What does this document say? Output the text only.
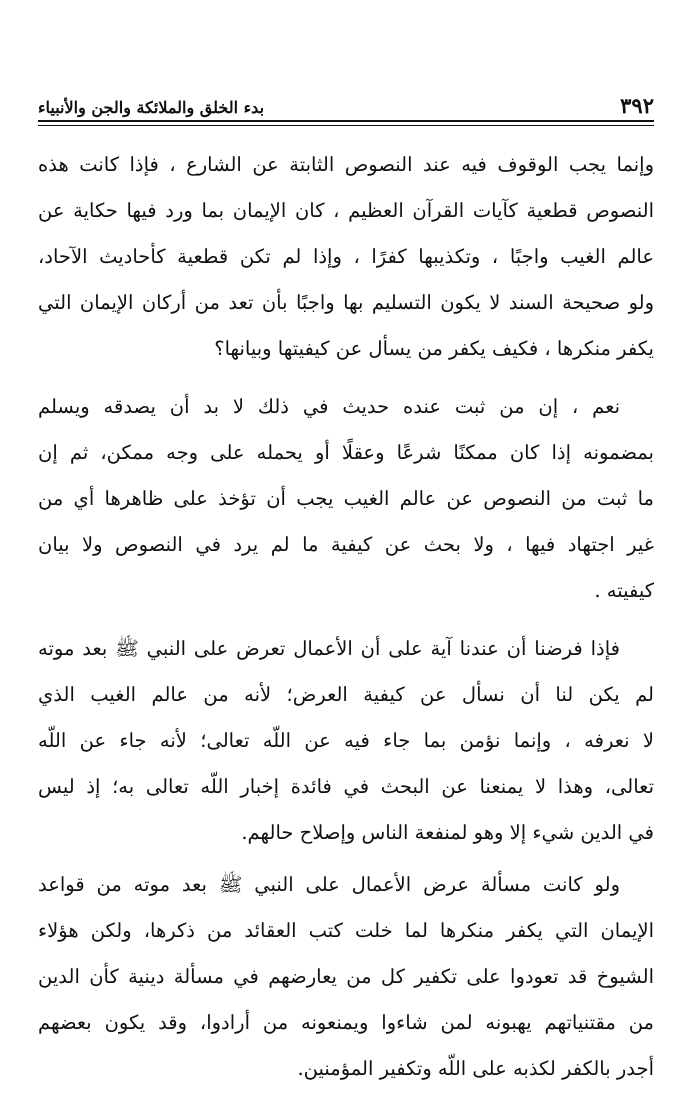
٣٩٢
بدء الخلق والملائكة والجن والأنبياء
وإنما يجب الوقوف فيه عند النصوص الثابتة عن الشارع ، فإذا كانت هذه
النصوص قطعية كآيات القرآن العظيم ، كان الإيمان بما ورد فيها حكاية عن
عالم الغيب واجبًا ، وتكذيبها كفرًا ، وإذا لم تكن قطعية كأحاديث الآحاد،
ولو صحيحة السند لا يكون التسليم بها واجبًا بأن تعد من أركان الإيمان التي
يكفر منكرها ، فكيف يكفر من يسأل عن كيفيتها وبيانها؟
نعم ، إن من ثبت عنده حديث في ذلك لا بد أن يصدقه ويسلم
بمضمونه إذا كان ممكنًا شرعًا وعقلًا أو يحمله على وجه ممكن، ثم إن
ما ثبت من النصوص عن عالم الغيب يجب أن تؤخذ على ظاهرها أي من
غير اجتهاد فيها ، ولا بحث عن كيفية ما لم يرد في النصوص ولا بيان
كيفيته .
فإذا فرضنا أن عندنا آية على أن الأعمال تعرض على النبي ﷺ بعد موته
لم يكن لنا أن نسأل عن كيفية العرض؛ لأنه من عالم الغيب الذي
لا نعرفه ، وإنما نؤمن بما جاء فيه عن اللّه تعالى؛ لأنه جاء عن اللّه
تعالى، وهذا لا يمنعنا عن البحث في فائدة إخبار اللّه تعالى به؛ إذ ليس
في الدين شيء إلا وهو لمنفعة الناس وإصلاح حالهم.
ولو كانت مسألة عرض الأعمال على النبي ﷺ بعد موته من قواعد
الإيمان التي يكفر منكرها لما خلت كتب العقائد من ذكرها، ولكن هؤلاء
الشيوخ قد تعودوا على تكفير كل من يعارضهم في مسألة دينية كأن الدين
من مقتنياتهم يهبونه لمن شاءوا ويمنعونه من أرادوا، وقد يكون بعضهم
أجدر بالكفر لكذبه على اللّه وتكفير المؤمنين.
